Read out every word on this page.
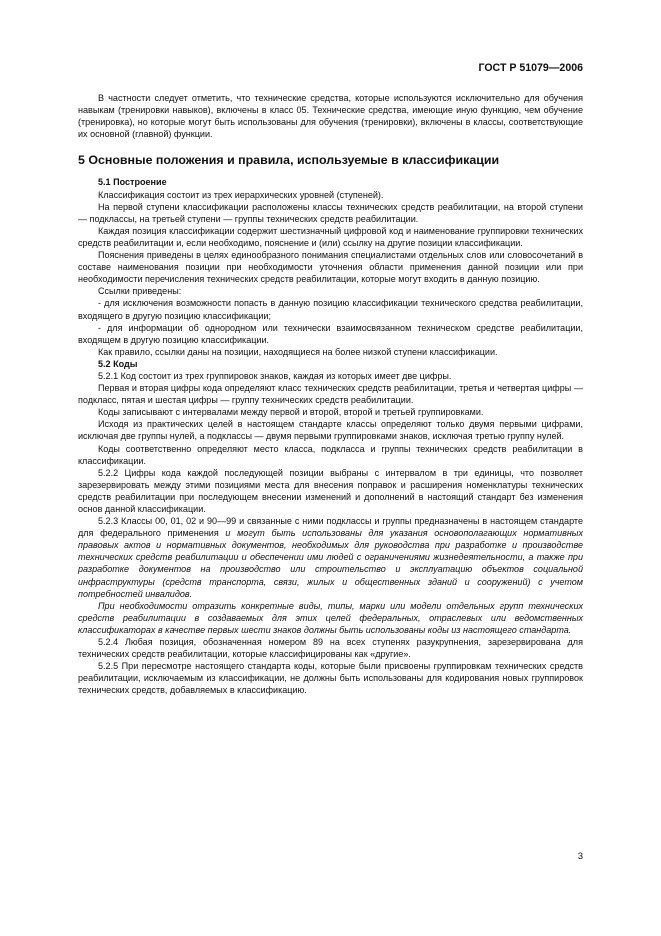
ГОСТ Р 51079—2006

В частности следует отметить, что технические средства, которые используются исключительно для обучения навыкам (тренировки навыков), включены в класс 05. Технические средства, имеющие иную функцию, чем обучение (тренировка), но которые могут быть использованы для обучения (тренировки), включены в классы, соответствующие их основной (главной) функции.

5 Основные положения и правила, используемые в классификации

5.1 Построение

Классификация состоит из трех иерархических уровней (ступеней).

На первой ступени классификации расположены классы технических средств реабилитации, на второй ступени — подклассы, на третьей ступени — группы технических средств реабилитации.

Каждая позиция классификации содержит шестизначный цифровой код и наименование группировки технических средств реабилитации и, если необходимо, пояснение и (или) ссылку на другие позиции классификации.

Пояснения приведены в целях единообразного понимания специалистами отдельных слов или словосочетаний в составе наименования позиции при необходимости уточнения области применения данной позиции или при необходимости перечисления технических средств реабилитации, которые могут входить в данную позицию.

Ссылки приведены:

- для исключения возможности попасть в данную позицию классификации технического средства реабилитации, входящего в другую позицию классификации;

- для информации об однородном или технически взаимосвязанном техническом средстве реабилитации, входящем в другую позицию классификации.

Как правило, ссылки даны на позиции, находящиеся на более низкой ступени классификации.

5.2 Коды

5.2.1 Код состоит из трех группировок знаков, каждая из которых имеет две цифры.

Первая и вторая цифры кода определяют класс технических средств реабилитации, третья и четвертая цифры — подкласс, пятая и шестая цифры — группу технических средств реабилитации.

Коды записывают с интервалами между первой и второй, второй и третьей группировками.

Исходя из практических целей в настоящем стандарте классы определяют только двумя первыми цифрами, исключая две группы нулей, а подклассы — двумя первыми группировками знаков, исключая третью группу нулей.

Коды соответственно определяют место класса, подкласса и группы технических средств реабилитации в классификации.

5.2.2 Цифры кода каждой последующей позиции выбраны с интервалом в три единицы, что позволяет зарезервировать между этими позициями места для внесения поправок и расширения номенклатуры технических средств реабилитации при последующем внесении изменений и дополнений в настоящий стандарт без изменения основ данной классификации.

5.2.3 Классы 00, 01, 02 и 90—99 и связанные с ними подклассы и группы предназначены в настоящем стандарте для федерального применения и могут быть использованы для указания основополагающих нормативных правовых актов и нормативных документов, необходимых для руководства при разработке и производстве технических средств реабилитации и обеспечении ими людей с ограничениями жизнедеятельности, а также при разработке документов на производство или строительство и эксплуатацию объектов социальной инфраструктуры (средств транспорта, связи, жилых и общественных зданий и сооружений) с учетом потребностей инвалидов.

При необходимости отразить конкретные виды, типы, марки или модели отдельных групп технических средств реабилитации в создаваемых для этих целей федеральных, отраслевых или ведомственных классификаторах в качестве первых шести знаков должны быть использованы коды из настоящего стандарта.

5.2.4 Любая позиция, обозначенная номером 89 на всех ступенях разукрупнения, зарезервирована для технических средств реабилитации, которые классифицированы как «другие».

5.2.5 При пересмотре настоящего стандарта коды, которые были присвоены группировкам технических средств реабилитации, исключаемым из классификации, не должны быть использованы для кодирования новых группировок технических средств, добавляемых в классификацию.

3
